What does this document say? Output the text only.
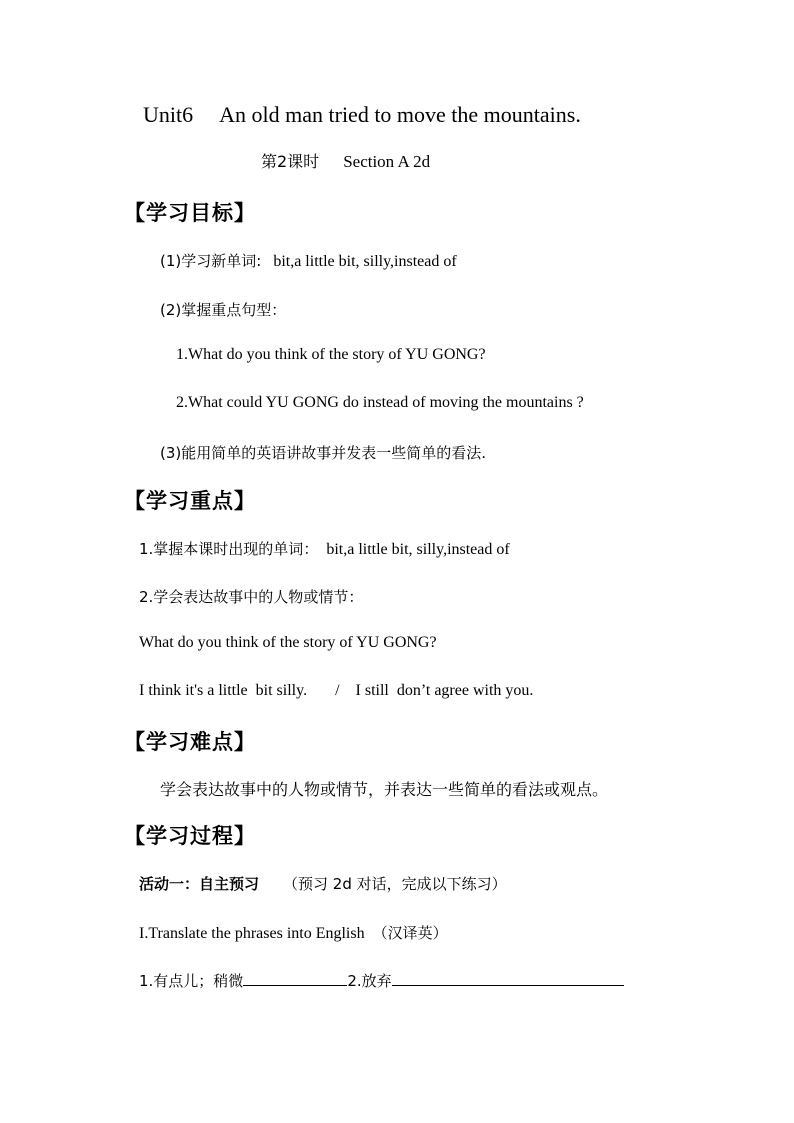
Unit6 An old man tried to move the mountains.
第2课时 Section A 2d
【学习目标】
(1)学习新单词: bit,a little bit, silly,instead of
(2)掌握重点句型：
1.What do you think of the story of YU GONG?
2.What could YU GONG do instead of moving the mountains ?
(3)能用简单的英语讲故事并发表一些简单的看法.
【学习重点】
1.掌握本课时出现的单词： bit,a little bit, silly,instead of
2.学会表达故事中的人物或情节：
What do you think of the story of YU GONG?
I think it's a little  bit silly.       /    I still  don’t agree with you.
【学习难点】
学会表达故事中的人物或情节，并表达一些简单的看法或观点。
【学习过程】
活动一：自主预习 （预习 2d 对话，完成以下练习）
I.Translate the phrases into English （汉译英）
1.有点儿；稍微	2.放弃
